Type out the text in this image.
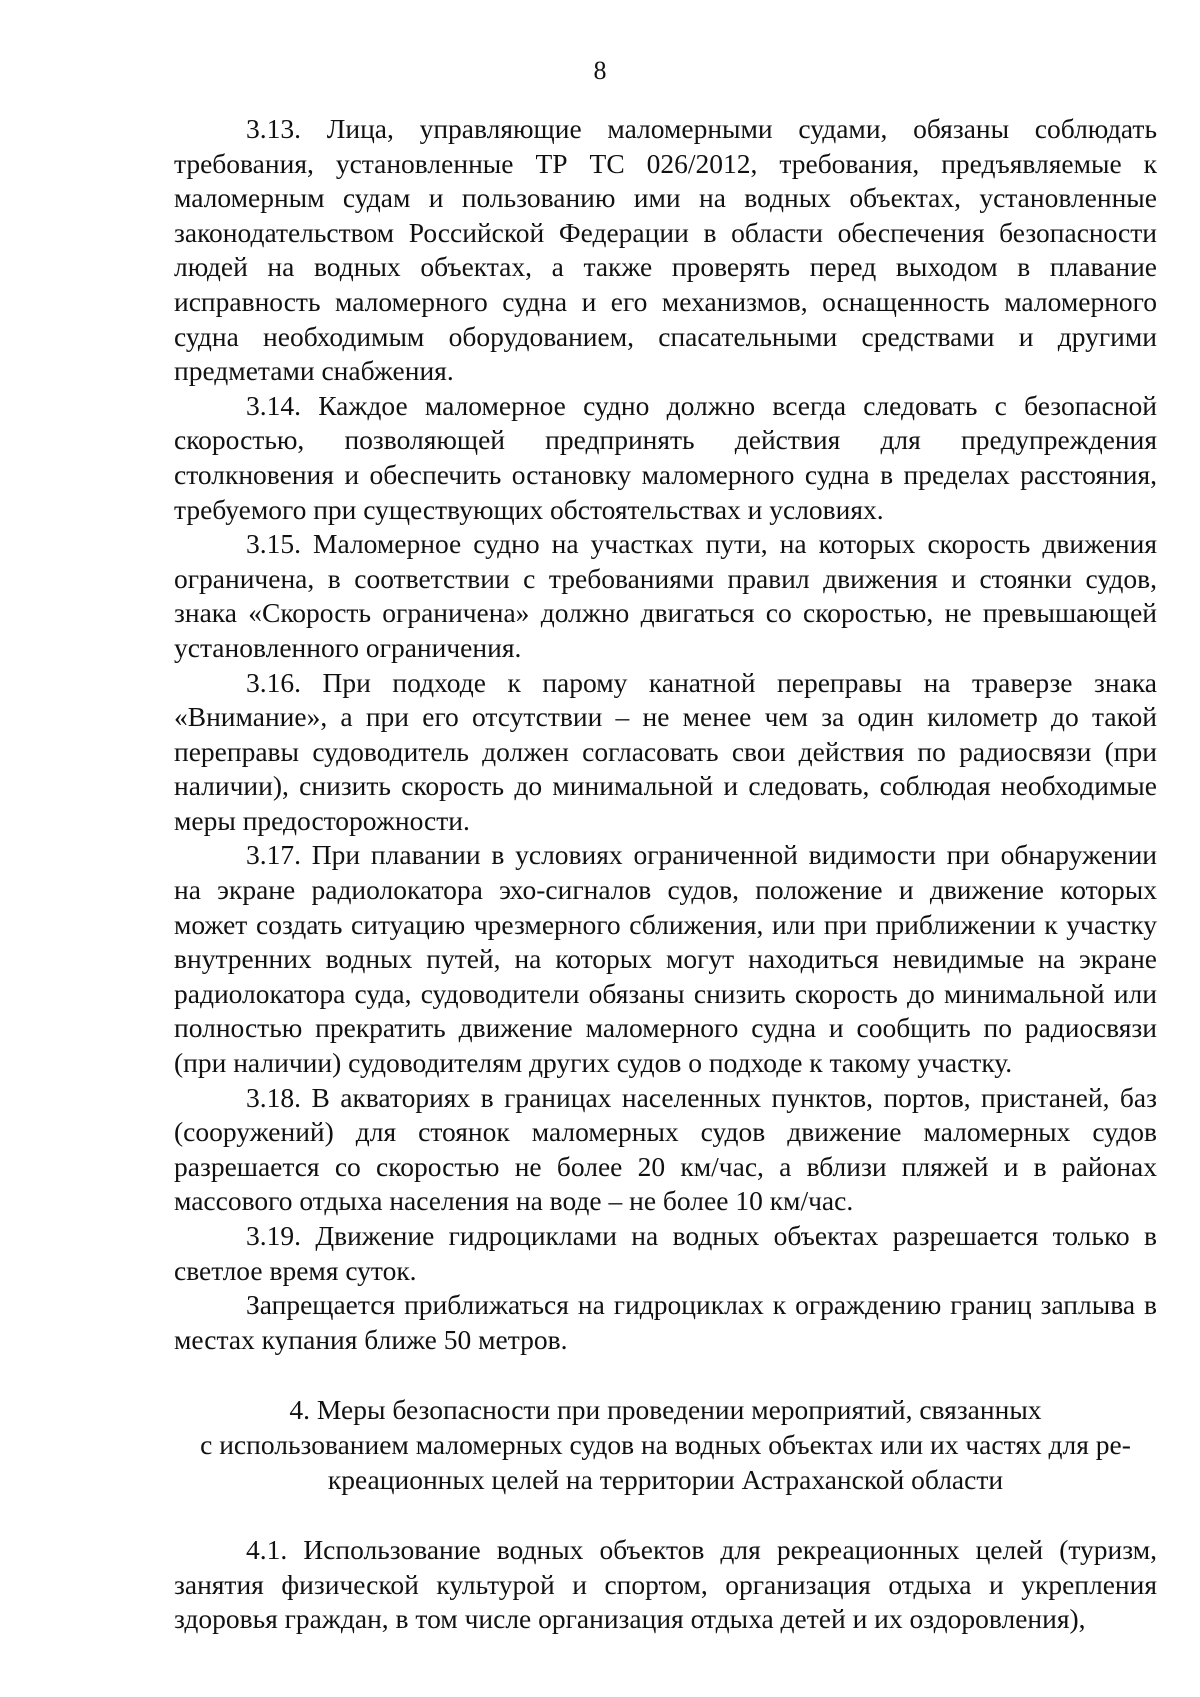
8

3.13. Лица, управляющие маломерными судами, обязаны соблюдать требования, установленные ТР ТС 026/2012, требования, предъявляемые к маломерным судам и пользованию ими на водных объектах, установленные законодательством Российской Федерации в области обеспечения безопасности людей на водных объектах, а также проверять перед выходом в плавание исправность маломерного судна и его механизмов, оснащенность маломерного судна необходимым оборудованием, спасательными средствами и другими предметами снабжения.

3.14. Каждое маломерное судно должно всегда следовать с безопасной скоростью, позволяющей предпринять действия для предупреждения столкновения и обеспечить остановку маломерного судна в пределах расстояния, требуемого при существующих обстоятельствах и условиях.

3.15. Маломерное судно на участках пути, на которых скорость движения ограничена, в соответствии с требованиями правил движения и стоянки судов, знака «Скорость ограничена» должно двигаться со скоростью, не превышающей установленного ограничения.

3.16. При подходе к парому канатной переправы на траверзе знака «Внимание», а при его отсутствии – не менее чем за один километр до такой переправы судоводитель должен согласовать свои действия по радиосвязи (при наличии), снизить скорость до минимальной и следовать, соблюдая необходимые меры предосторожности.

3.17. При плавании в условиях ограниченной видимости при обнаружении на экране радиолокатора эхо-сигналов судов, положение и движение которых может создать ситуацию чрезмерного сближения, или при приближении к участку внутренних водных путей, на которых могут находиться невидимые на экране радиолокатора суда, судоводители обязаны снизить скорость до минимальной или полностью прекратить движение маломерного судна и сообщить по радиосвязи (при наличии) судоводителям других судов о подходе к такому участку.

3.18. В акваториях в границах населенных пунктов, портов, пристаней, баз (сооружений) для стоянок маломерных судов движение маломерных судов разрешается со скоростью не более 20 км/час, а вблизи пляжей и в районах массового отдыха населения на воде – не более 10 км/час.

3.19. Движение гидроциклами на водных объектах разрешается только в светлое время суток.

Запрещается приближаться на гидроциклах к ограждению границ заплыва в местах купания ближе 50 метров.

4. Меры безопасности при проведении мероприятий, связанных
с использованием маломерных судов на водных объектах или их частях для ре-
креационных целей на территории Астраханской области

4.1. Использование водных объектов для рекреационных целей (туризм, занятия физической культурой и спортом, организация отдыха и укрепления здоровья граждан, в том числе организация отдыха детей и их оздоровления),
